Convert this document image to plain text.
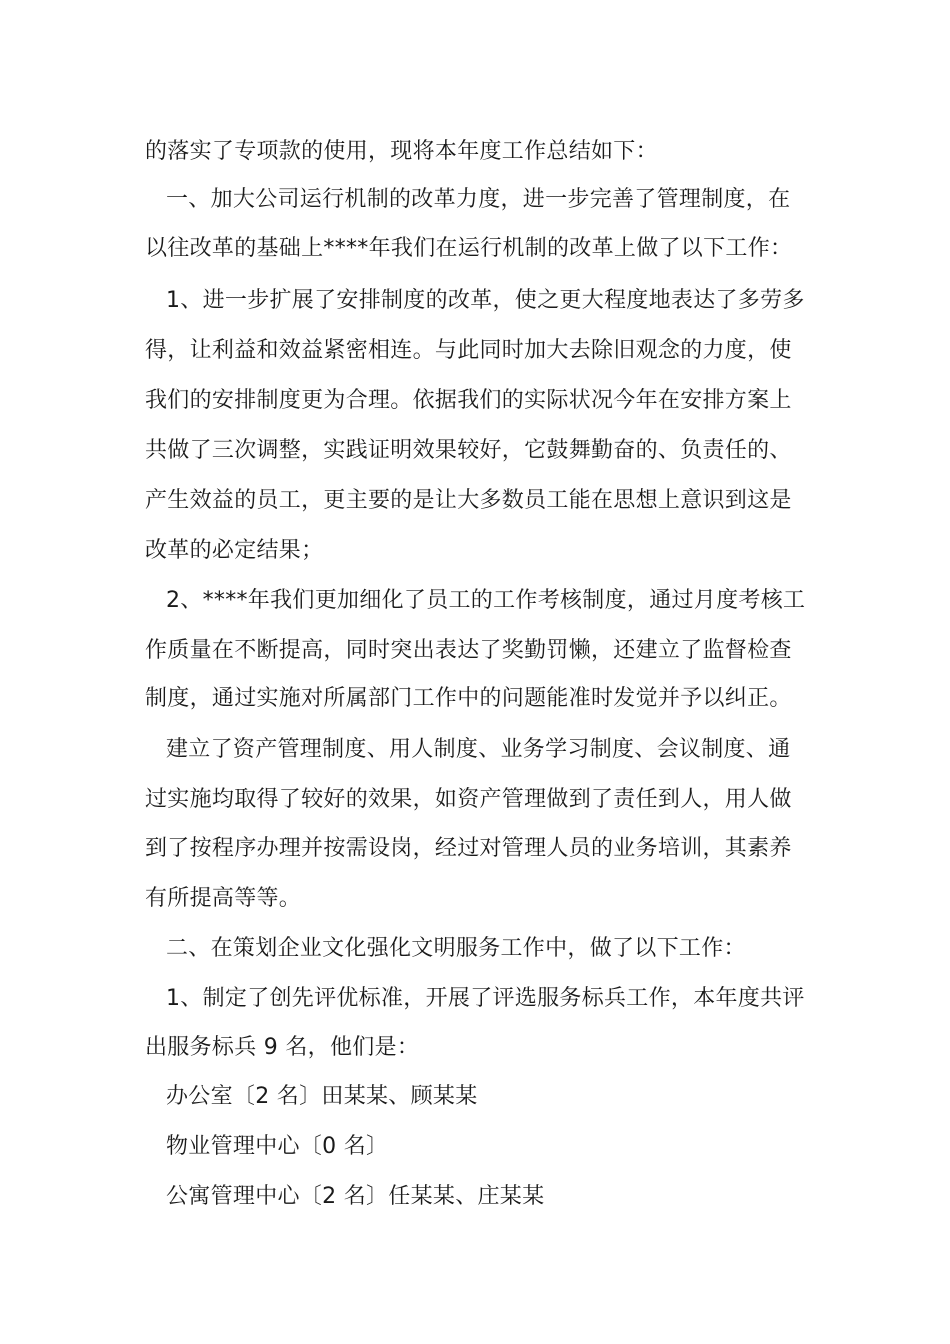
的落实了专项款的使用，现将本年度工作总结如下：
一、加大公司运行机制的改革力度，进一步完善了管理制度，在
以往改革的基础上****年我们在运行机制的改革上做了以下工作：
1、进一步扩展了安排制度的改革，使之更大程度地表达了多劳多
得，让利益和效益紧密相连。与此同时加大去除旧观念的力度，使
我们的安排制度更为合理。依据我们的实际状况今年在安排方案上
共做了三次调整，实践证明效果较好，它鼓舞勤奋的、负责任的、
产生效益的员工，更主要的是让大多数员工能在思想上意识到这是
改革的必定结果；
2、****年我们更加细化了员工的工作考核制度，通过月度考核工
作质量在不断提高，同时突出表达了奖勤罚懒，还建立了监督检查
制度，通过实施对所属部门工作中的问题能准时发觉并予以纠正。
建立了资产管理制度、用人制度、业务学习制度、会议制度、通
过实施均取得了较好的效果，如资产管理做到了责任到人，用人做
到了按程序办理并按需设岗，经过对管理人员的业务培训，其素养
有所提高等等。
二、在策划企业文化强化文明服务工作中，做了以下工作：
1、制定了创先评优标准，开展了评选服务标兵工作，本年度共评
出服务标兵 9 名，他们是：
办公室〔2 名〕田某某、顾某某
物业管理中心〔0 名〕
公寓管理中心〔2 名〕任某某、庄某某
